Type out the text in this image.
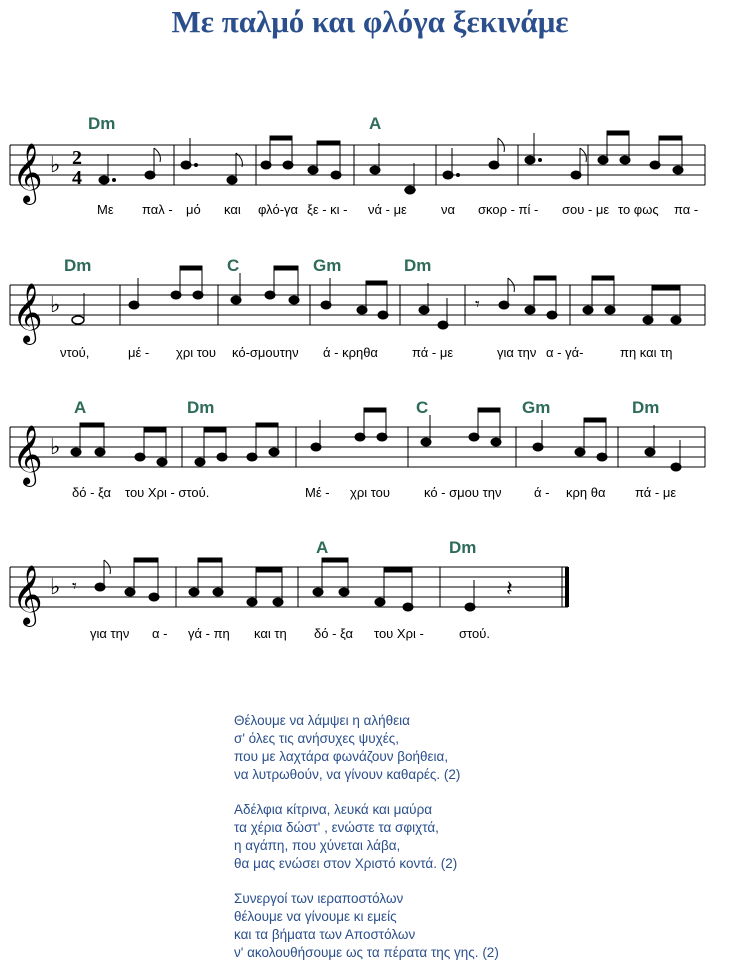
Με παλμό και φλόγα ξεκινάμε
Dm	A
𝄞 ♭ 2
4
Με παλ - μό και φλό-γα ξε - κι - νά - με	να σκορ - πί - σου - με το φως πα -
Dm	C	Gm	Dm
𝄞 ♭	𝄾
ντού,	μέ - χρι του κό-σμουτην ά - κρηθα	πά - με	για την α - γά-	πη και τη
A	Dm	C	Gm	Dm
𝄞 ♭
δό - ξα του Χρι - στού.	Μέ - χρι του	κό - σμου την	ά - κρη θα πά - με
A	Dm
𝄞 ♭ 𝄾	𝄽
για την α - γά - πη και τη δό - ξα του Χρι -	στού.
Θέλουμε να λάμψει η αλήθεια
σ' όλες τις ανήσυχες ψυχές,
που με λαχτάρα φωνάζουν βοήθεια,
να λυτρωθούν, να γίνουν καθαρές. (2)
Αδέλφια κίτρινα, λευκά και μαύρα
τα χέρια δώστ' , ενώστε τα σφιχτά,
η αγάπη, που χύνεται λάβα,
θα μας ενώσει στον Χριστό κοντά. (2)
Συνεργοί των ιεραποστόλων
θέλουμε να γίνουμε κι εμείς
και τα βήματα των Αποστόλων
ν' ακολουθήσουμε ως τα πέρατα της γης. (2)
